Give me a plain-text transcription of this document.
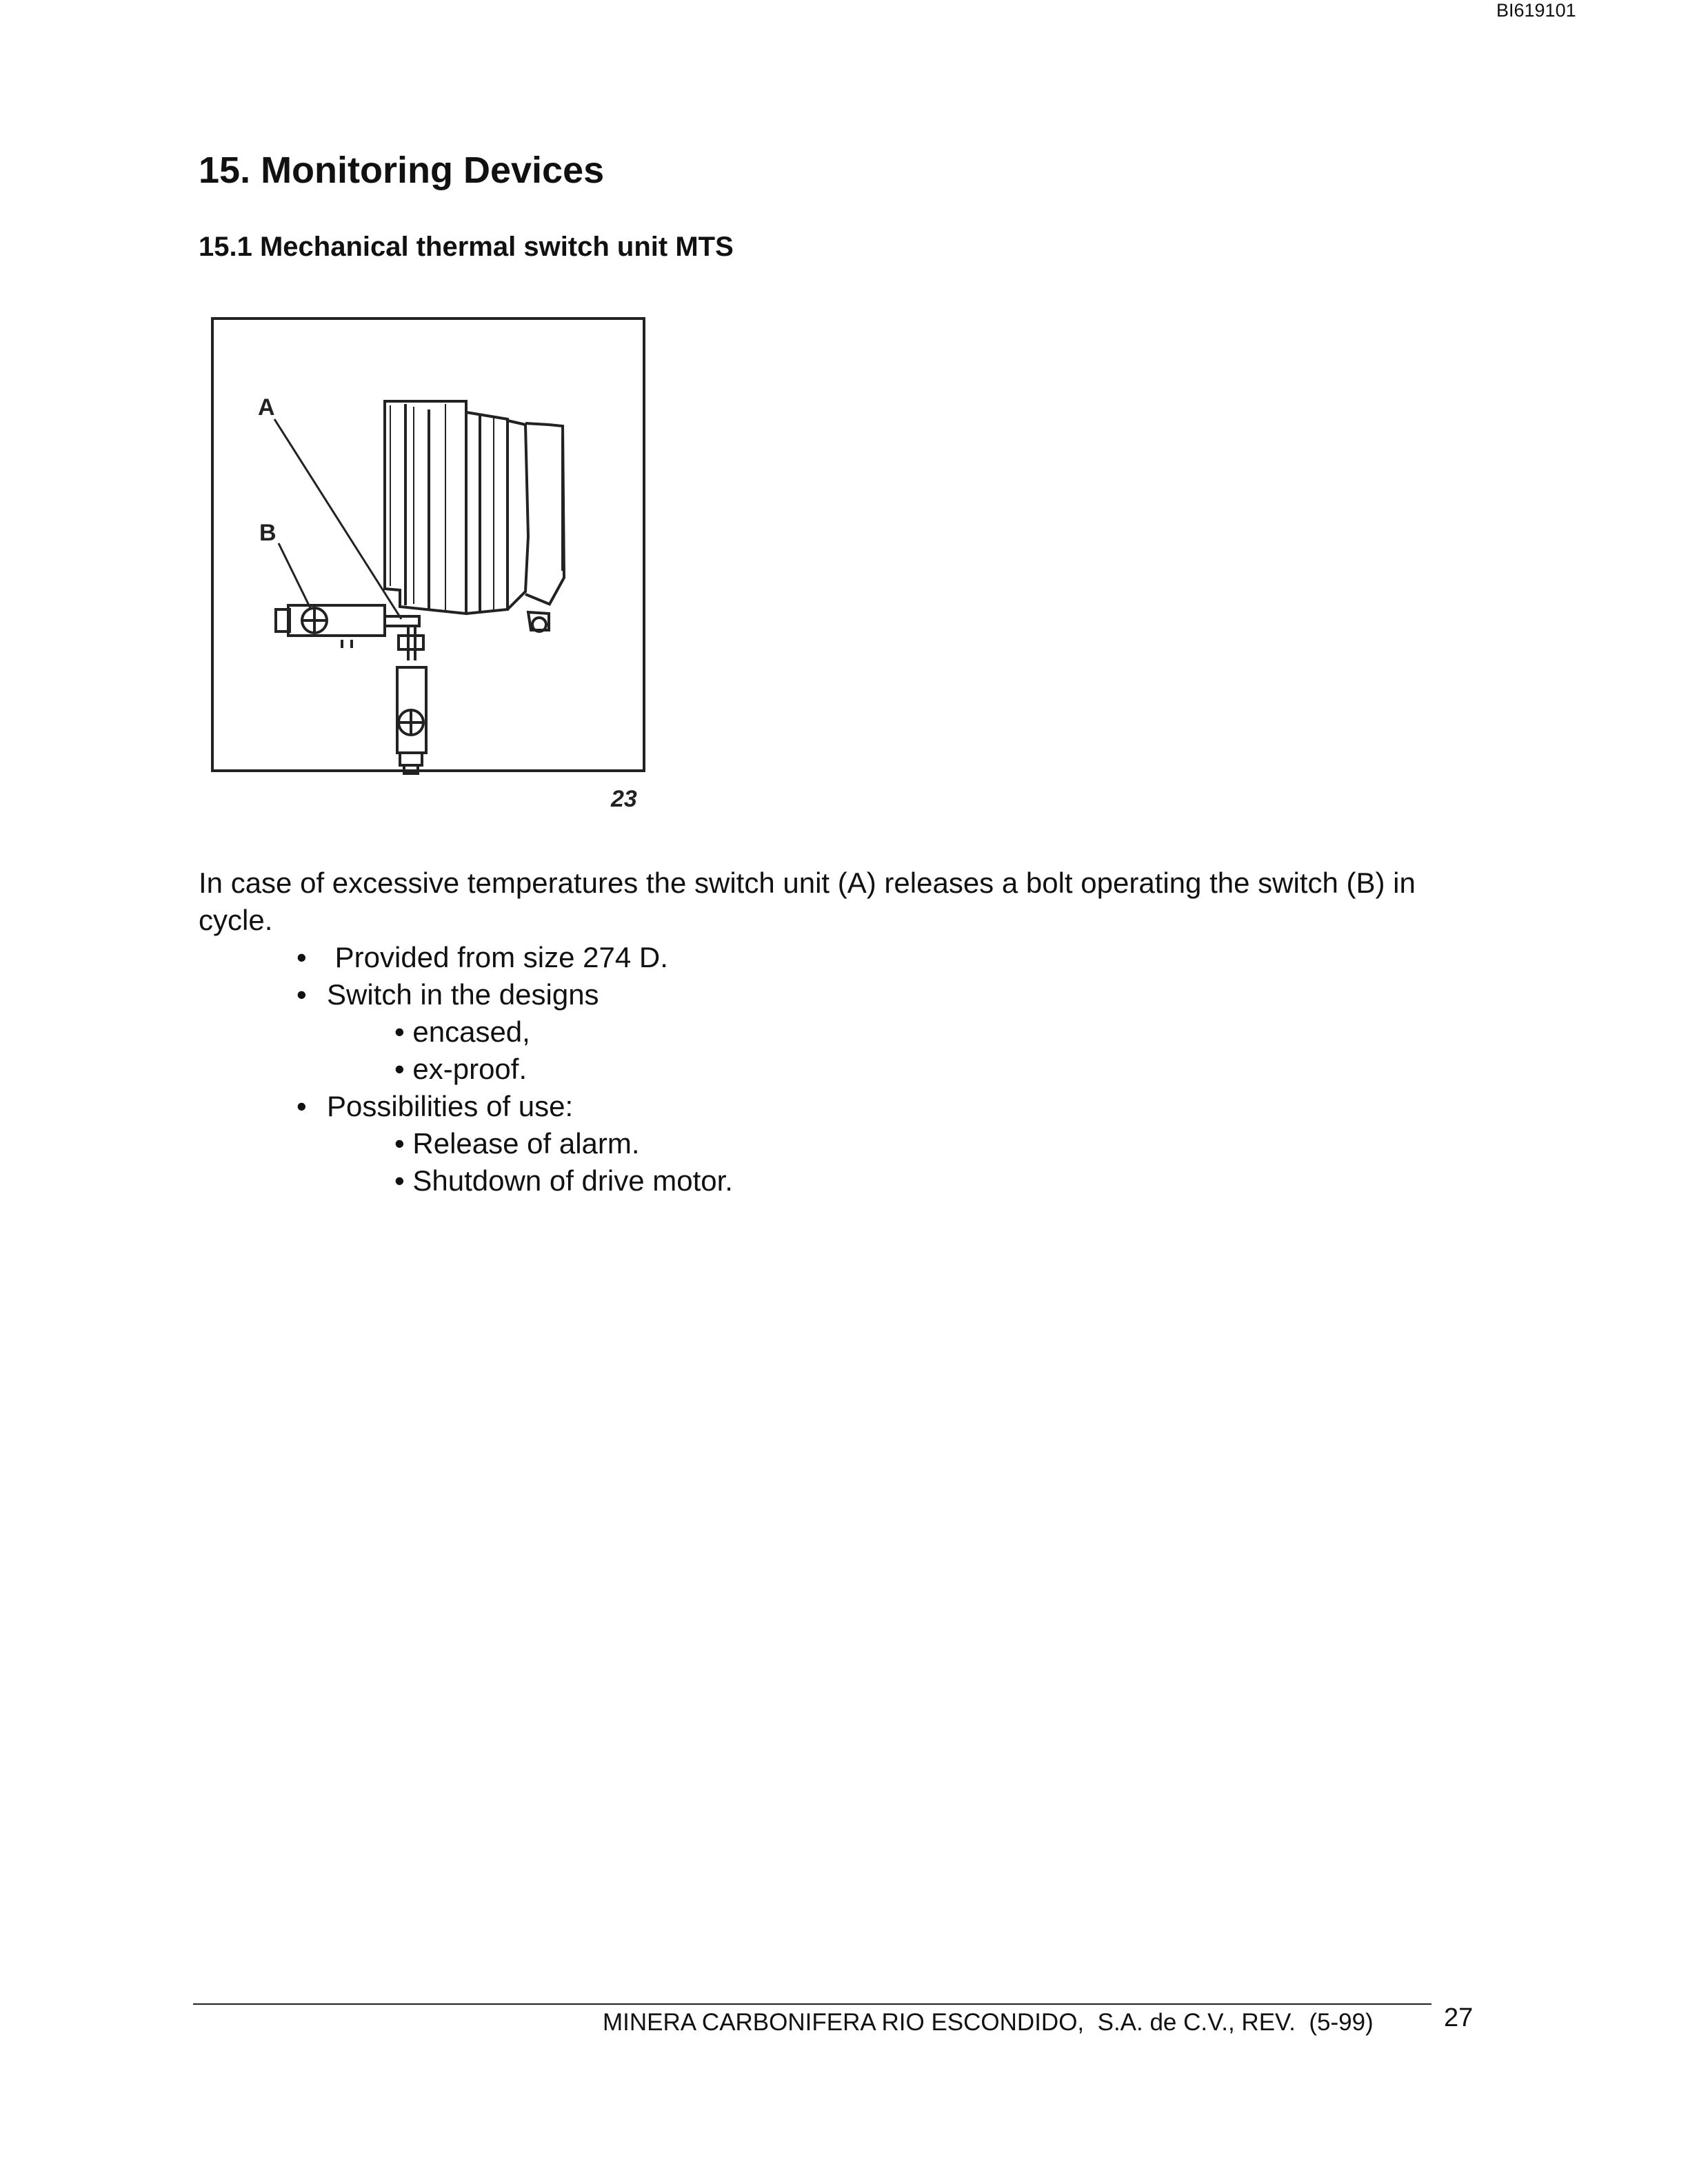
BI619101
15. Monitoring Devices
15.1 Mechanical thermal switch unit MTS
A
B
23

In case of excessive temperatures the switch unit (A) releases a bolt operating the switch (B) in cycle.

• Provided from size 274 D.
• Switch in the designs
• encased,
• ex-proof.
• Possibilities of use:
• Release of alarm.
• Shutdown of drive motor.
MINERA CARBONIFERA RIO ESCONDIDO,  S.A. de C.V., REV.  (5-99)	27
